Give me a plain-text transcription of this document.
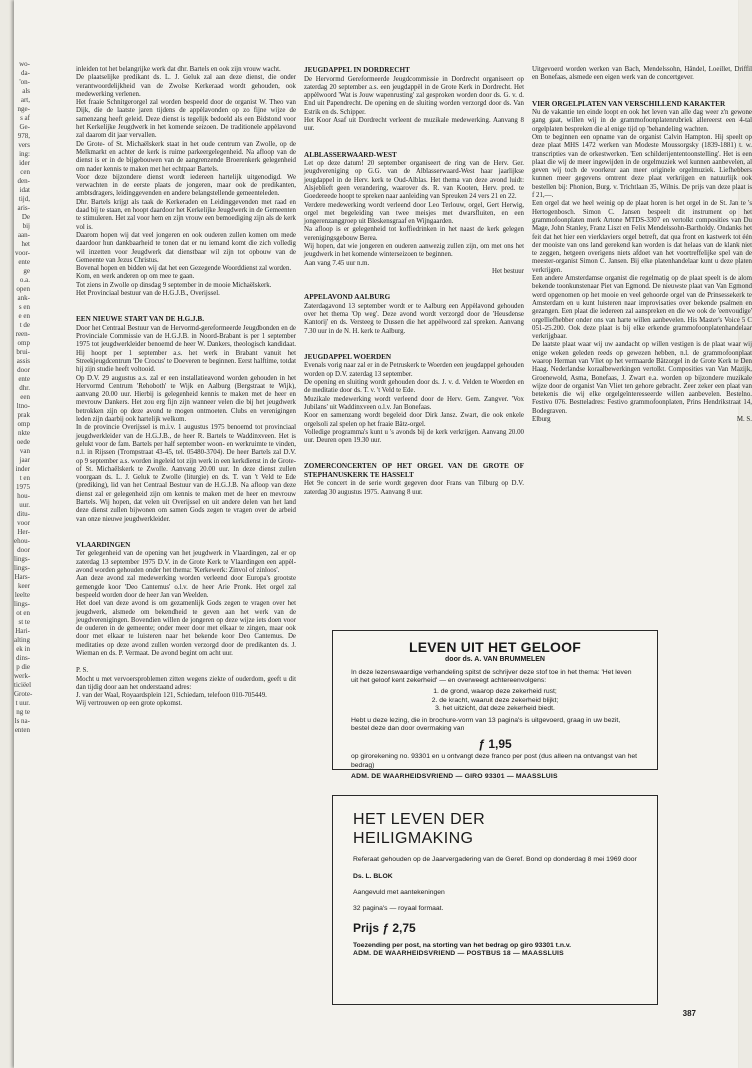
wo-
da-
'on-
als
art,
nge-
s af
Ge-
978,
vers
ing:
ider
cen
den-
idat
tijd,
aris-
De
bij
aan-
het
voor-
ente
ge
o.a.
open
ank-
s en
e en
t de
reen-
omp
brui-
assis
door
ente
dhr.
een
ltno-
prak
omp
nkte
oede
van
jaar
inder
t en
1975
hou-
uur.
ditu-
voor
Her-
ehou-
door
lings-
lings-
Hars-
keer
leelte
lings-
ot en
st te
Hari-
alting
ek in
dins-
p die
werk-
ticiëel
Grote-
t uur.
ng te
ls na-
enten

inleiden tot het belangrijke werk dat dhr. Bartels en ook zijn vrouw wacht.

De plaatselijke predikant ds. L. J. Geluk zal aan deze dienst, die onder verantwoordelijkheid van de Zwolse Kerkeraad wordt gehouden, ook medewerking verlenen.

Het fraaie Schnitgerorgel zal worden bespeeld door de organist W. Theo van Dijk, die de laatste jaren tijdens de appèlavonden op zo fijne wijze de samenzang heeft geleid. Deze dienst is tegelijk bedoeld als een Bidstond voor het Kerkelijke Jeugdwerk in het komende seizoen. De traditionele appèlavond zal daarom dit jaar vervallen.

De Grote- of St. Michaëlskerk staat in het oude centrum van Zwolle, op de Melkmarkt en achter de kerk is ruime parkeergelegenheid. Na afloop van de dienst is er in de bijgebouwen van de aangrenzende Broerenkerk gelegenheid om nader kennis te maken met het echtpaar Bartels.

Voor deze bijzondere dienst wordt iedereen hartelijk uitgenodigd. We verwachten in de eerste plaats de jongeren, maar ook de predikanten, ambtsdragers, leidinggevenden en andere belangstellende gemeenteleden.

Dhr. Bartels krijgt als taak de Kerkeraden en Leidinggevenden met raad en daad bij te staan, en hoopt daardoor het Kerkelijke Jeugdwerk in de Gemeenten te stimuleren. Het zal voor hem en zijn vrouw een bemoediging zijn als de kerk vol is.

Daarom hopen wij dat veel jongeren en ook ouderen zullen komen om mede daardoor hun dankbaarheid te tonen dat er nu iemand komt die zich volledig wil inzetten voor Jeugdwerk dat dienstbaar wil zijn tot opbouw van de Gemeente van Jezus Christus.

Bovenal hopen en bidden wij dat het een Gezegende Woorddienst zal worden.

Kom, en werk anderen op om mee te gaan.

Tot ziens in Zwolle op dinsdag 9 september in de mooie Michaëlskerk.

Het Provinciaal bestuur van de H.G.J.B., Overijssel.

EEN NIEUWE START VAN DE H.G.J.B.

Door het Centraal Bestuur van de Hervormd-gereformeerde Jeugdbonden en de Provinciale Commissie van de H.G.J.B. in Noord-Brabant is per 1 september 1975 tot jeugdwerkleider benoemd de heer W. Dankers, theologisch kandidaat. Hij hoopt per 1 september a.s. het werk in Brabant vanuit het Streekjeugdcentrum 'De Crocus' te Doeveren te beginnen. Eerst halftime, totdat hij zijn studie heeft voltooid.

Op D.V. 29 augustus a.s. zal er een installatieavond worden gehouden in het Hervormd Centrum 'Rehoboth' te Wijk en Aalburg (Bergstraat te Wijk), aanvang 20.00 uur. Hierbij is gelegenheid kennis te maken met de heer en mevrouw Dankers. Het zou erg fijn zijn wanneer velen die bij het jeugdwerk betrokken zijn op deze avond te mogen ontmoeten. Clubs en verenigingen leden zijn daarbij ook hartelijk welkom.

In de provincie Overijssel is m.i.v. 1 augustus 1975 benoemd tot provinciaal jeugdwerkleider van de H.G.J.B., de heer R. Bartels te Waddinxveen. Het is gelukt voor de fam. Bartels per half september woon- en werkruimte te vinden, n.l. in Rijssen (Trompstraat 43-45, tel. 05480-3704). De heer Bartels zal D.V. op 9 september a.s. worden ingeleid tot zijn werk in een kerkdienst in de Grote- of St. Michaëlskerk te Zwolle. Aanvang 20.00 uur. In deze dienst zullen voorgaan ds. L. J. Geluk te Zwolle (liturgie) en ds. T. van 't Veld te Ede (prediking), lid van het Centraal Bestuur van de H.G.J.B. Na afloop van deze dienst zal er gelegenheid zijn om kennis te maken met de heer en mevrouw Bartels. Wij hopen, dat velen uit Overijssel en uit andere delen van het land deze dienst zullen bijwonen om samen Gods zegen te vragen over de arbeid van onze nieuwe jeugdwerkleider.

VLAARDINGEN

Ter gelegenheid van de opening van het jeugdwerk in Vlaardingen, zal er op zaterdag 13 september 1975 D.V. in de Grote Kerk te Vlaardingen een appèl-avond worden gehouden onder het thema: 'Kerkewerk: Zinvol of zinloos'.

Aan deze avond zal medewerking worden verleend door Europa's grootste gemengde koor 'Deo Cantemus' o.l.v. de heer Arie Pronk. Het orgel zal bespeeld worden door de heer Jan van Weelden.

Het doel van deze avond is om gezamenlijk Gods zegen te vragen over het jeugdwerk, alsmede om bekendheid te geven aan het werk van de jeugdverenigingen. Bovendien willen de jongeren op deze wijze iets doen voor de ouderen in de gemeente; onder meer door met elkaar te zingen, maar ook door met elkaar te luisteren naar het bekende koor Deo Cantemus. De meditaties op deze avond zullen worden verzorgd door de predikanten ds. J. Wieman en ds. P. Vermaat. De avond begint om acht uur.

P. S.

Mocht u met vervoersproblemen zitten wegens ziekte of ouderdom, geeft u dit dan tijdig door aan het onderstaand adres:

J. van der Waal, Royaardsplein 121, Schiedam, telefoon 010-705449.

Wij vertrouwen op een grote opkomst.

JEUGDAPPEL IN DORDRECHT

De Hervormd Gereformeerde Jeugdcommissie in Dordrecht organiseert op zaterdag 20 september a.s. een jeugdappèl in de Grote Kerk in Dordrecht. Het appèlwoord 'Wat is Jouw wapenrusting' zal gesproken worden door ds. G. v. d. End uit Papendrecht. De opening en de sluiting worden verzorgd door ds. Van Estrik en ds. Schipper.

Het Koor Asaf uit Dordrecht verleent de muzikale medewerking. Aanvang 8 uur.

ALBLASSERWAARD-WEST

Let op deze datum! 20 september organiseert de ring van de Herv. Ger. jeugdvereniging op G.G. van de Alblasserwaard-West haar jaarlijkse jeugdappel in de Herv. kerk te Oud-Alblas. Het thema van deze avond luidt: Alsjeblieft geen verandering, waarover ds. R. van Kooten, Herv. pred. te Goedereede hoopt te spreken naar aanleiding van Spreuken 24 vers 21 en 22.

Verdere medewerking wordt verleend door Leo Terlouw, orgel, Gert Herwig, orgel met begeleiding van twee meisjes met dwarsfluiten, en een jongerenzanggroep uit Bleskensgraaf en Wijngaarden.

Na afloop is er gelegenheid tot koffiedrinken in het naast de kerk gelegen verenigingsgebouw Berea.

Wij hopen, dat wie jongeren en ouderen aanwezig zullen zijn, om met ons het jeugdwerk in het komende winterseizoen te beginnen.

Aan vang 7.45 uur n.m.

Het bestuur

APPELAVOND AALBURG

Zaterdagavond 13 september wordt er te Aalburg een Appèlavond gehouden over het thema 'Op weg'. Deze avond wordt verzorgd door de 'Heusdense Kantorij' en ds. Versteeg te Dussen die het appèlwoord zal spreken. Aanvang 7.30 uur in de N. H. kerk te Aalburg.

JEUGDAPPEL WOERDEN

Evenals vorig naar zal er in de Petruskerk te Woerden een jeugdappel gehouden worden op D.V. zaterdag 13 september.

De opening en sluiting wordt gehouden door ds. J. v. d. Velden te Woerden en de meditatie door ds. T. v. 't Veld te Ede.

Muzikale medewerking wordt verleend door de Herv. Gem. Zangver. 'Vox Jubilans' uit Waddinxveen o.l.v. Jan Bonefaas.

Koor en samenzang wordt begeleid door Dirk Jansz. Zwart, die ook enkele orgelsoli zal spelen op het fraaie Bätz-orgel.

Volledige programma's kunt u 's avonds bij de kerk verkrijgen. Aanvang 20.00 uur. Deuren open 19.30 uur.

ZOMERCONCERTEN OP HET ORGEL VAN DE GROTE OF STEPHANUSKERK TE HASSELT

Het 9e concert in de serie wordt gegeven door Frans van Tilburg op D.V. zaterdag 30 augustus 1975. Aanvang 8 uur.

Uitgevoerd worden werken van Bach, Mendelssohn, Händel, Loeillet, Driffil en Bonefaas, alsmede een eigen werk van de concertgever.

VIER ORGELPLATEN VAN VERSCHILLEND KARAKTER

Nu de vakantie ten einde loopt en ook het leven van alle dag weer z'n gewone gang gaat, willen wij in de grammofoonplatenrubriek allereerst een 4-tal orgelplaten bespreken die al enige tijd op 'behandeling wachten.

Om te beginnen een opname van de organist Calvin Hampton. Hij speelt op deze plaat MHS 1472 werken van Modeste Moussorgsky (1839-1881) t. w. transcripties van de orkestwerken. 'Een schilderijententoonstelling'. Het is een plaat die wij de meer ingewijden in de orgelmuziek wel kunnen aanbevelen, al geven wij toch de voorkeur aan meer originele orgelmuziek. Liefhebbers kunnen meer gegevens omtrent deze plaat verkrijgen en natuurlijk ook bestellen bij: Phonion, Burg. v. Trichtlaan 35, Wilnis. De prijs van deze plaat is f 21,—.

Een orgel dat we heel weinig op de plaat horen is het orgel in de St. Jan te 's Hertogenbosch. Simon C. Jansen bespeelt dit instrument op het grammofoonplaten merk Artone MTDS-3307 en vertolkt composities van Du Mage, John Stanley, Franz Liszt en Felix Mendelssohn-Bartholdy. Ondanks het feit dat het hier een vierklaviers orgel betreft, dat qua front en kastwerk tot één der mooiste van ons land gerekend kan worden is dat helaas van de klank niet te zeggen, hetgeen overigens niets afdoet van het voortreffelijke spel van de meester-organist Simon C. Jansen. Bij elke platenhandelaar kunt u deze platen verkrijgen.

Een andere Amsterdamse organist die regelmatig op de plaat speelt is de alom bekende toonkunstenaar Piet van Egmond. De nieuwste plaat van Van Egmond werd opgenomen op het mooie en veel gehoorde orgel van de Prinsessekerk te Amsterdam en u kunt luisteren naar improvisaties over bekende psalmen en gezangen. Een plaat die iedereen zal aanspreken en die we ook de 'eenvoudige' orgelliefhebber onder ons van harte willen aanbevelen. His Master's Voice 5 C 051-25.200. Ook deze plaat is bij elke erkende grammofoonplatenhandelaar verkrijgbaar.

De laatste plaat waar wij uw aandacht op willen vestigen is de plaat waar wij enige weken geleden reeds op gewezen hebben, n.l. de grammofoonplaat waarop Herman van Vliet op het vermaarde Bätzorgel in de Grote Kerk te Den Haag. Nederlandse koraalbewerkingen vertolkt. Composities van Van Mazijk, Groenewold, Asma, Bonefaas, J. Zwart e.a. worden op bijzondere muzikale wijze door de organist Van Vliet ten gehore gebracht. Zeer zeker een plaat van betekenis die wij elke orgelgeïnteresseerde willen aanbevelen. Bestelno. Festivo 076. Bestteladres: Festivo grammofoonplaten, Prins Hendrikstraat 14, Bodegraven.

Elburg	M. S.
LEVEN UIT HET GELOOF
door ds. A. VAN BRUMMELEN
In deze lezenswaardige verhandeling spitst de schrijver deze stof toe in het thema: 'Het leven uit het geloof kent zekerheid' — en overweegt achtereenvolgens:
1. de grond, waarop deze zekerheid rust;
2. de kracht, waaruit deze zekerheid blijkt;
3. het uitzicht, dat deze zekerheid biedt.
Hebt u deze lezing, die in brochure-vorm van 13 pagina's is uitgevoerd, graag in uw bezit, bestel deze dan door overmaking van
ƒ 1,95
op girorekening no. 93301 en u ontvangt deze franco per post (dus alleen na ontvangst van het bedrag)
ADM. DE WAARHEIDSVRIEND — GIRO 93301 — MAASSLUIS
HET LEVEN DER
HEILIGMAKING
Referaat gehouden op de Jaarvergadering van de Geref. Bond op donderdag 8 mei 1969 door
Ds. L. BLOK
Aangevuld met aantekeningen
32 pagina's — royaal formaat.
Prijs ƒ 2,75
Toezending per post, na storting van het bedrag op giro 93301 t.n.v.
ADM. DE WAARHEIDSVRIEND — POSTBUS 18 — MAASSLUIS
387
